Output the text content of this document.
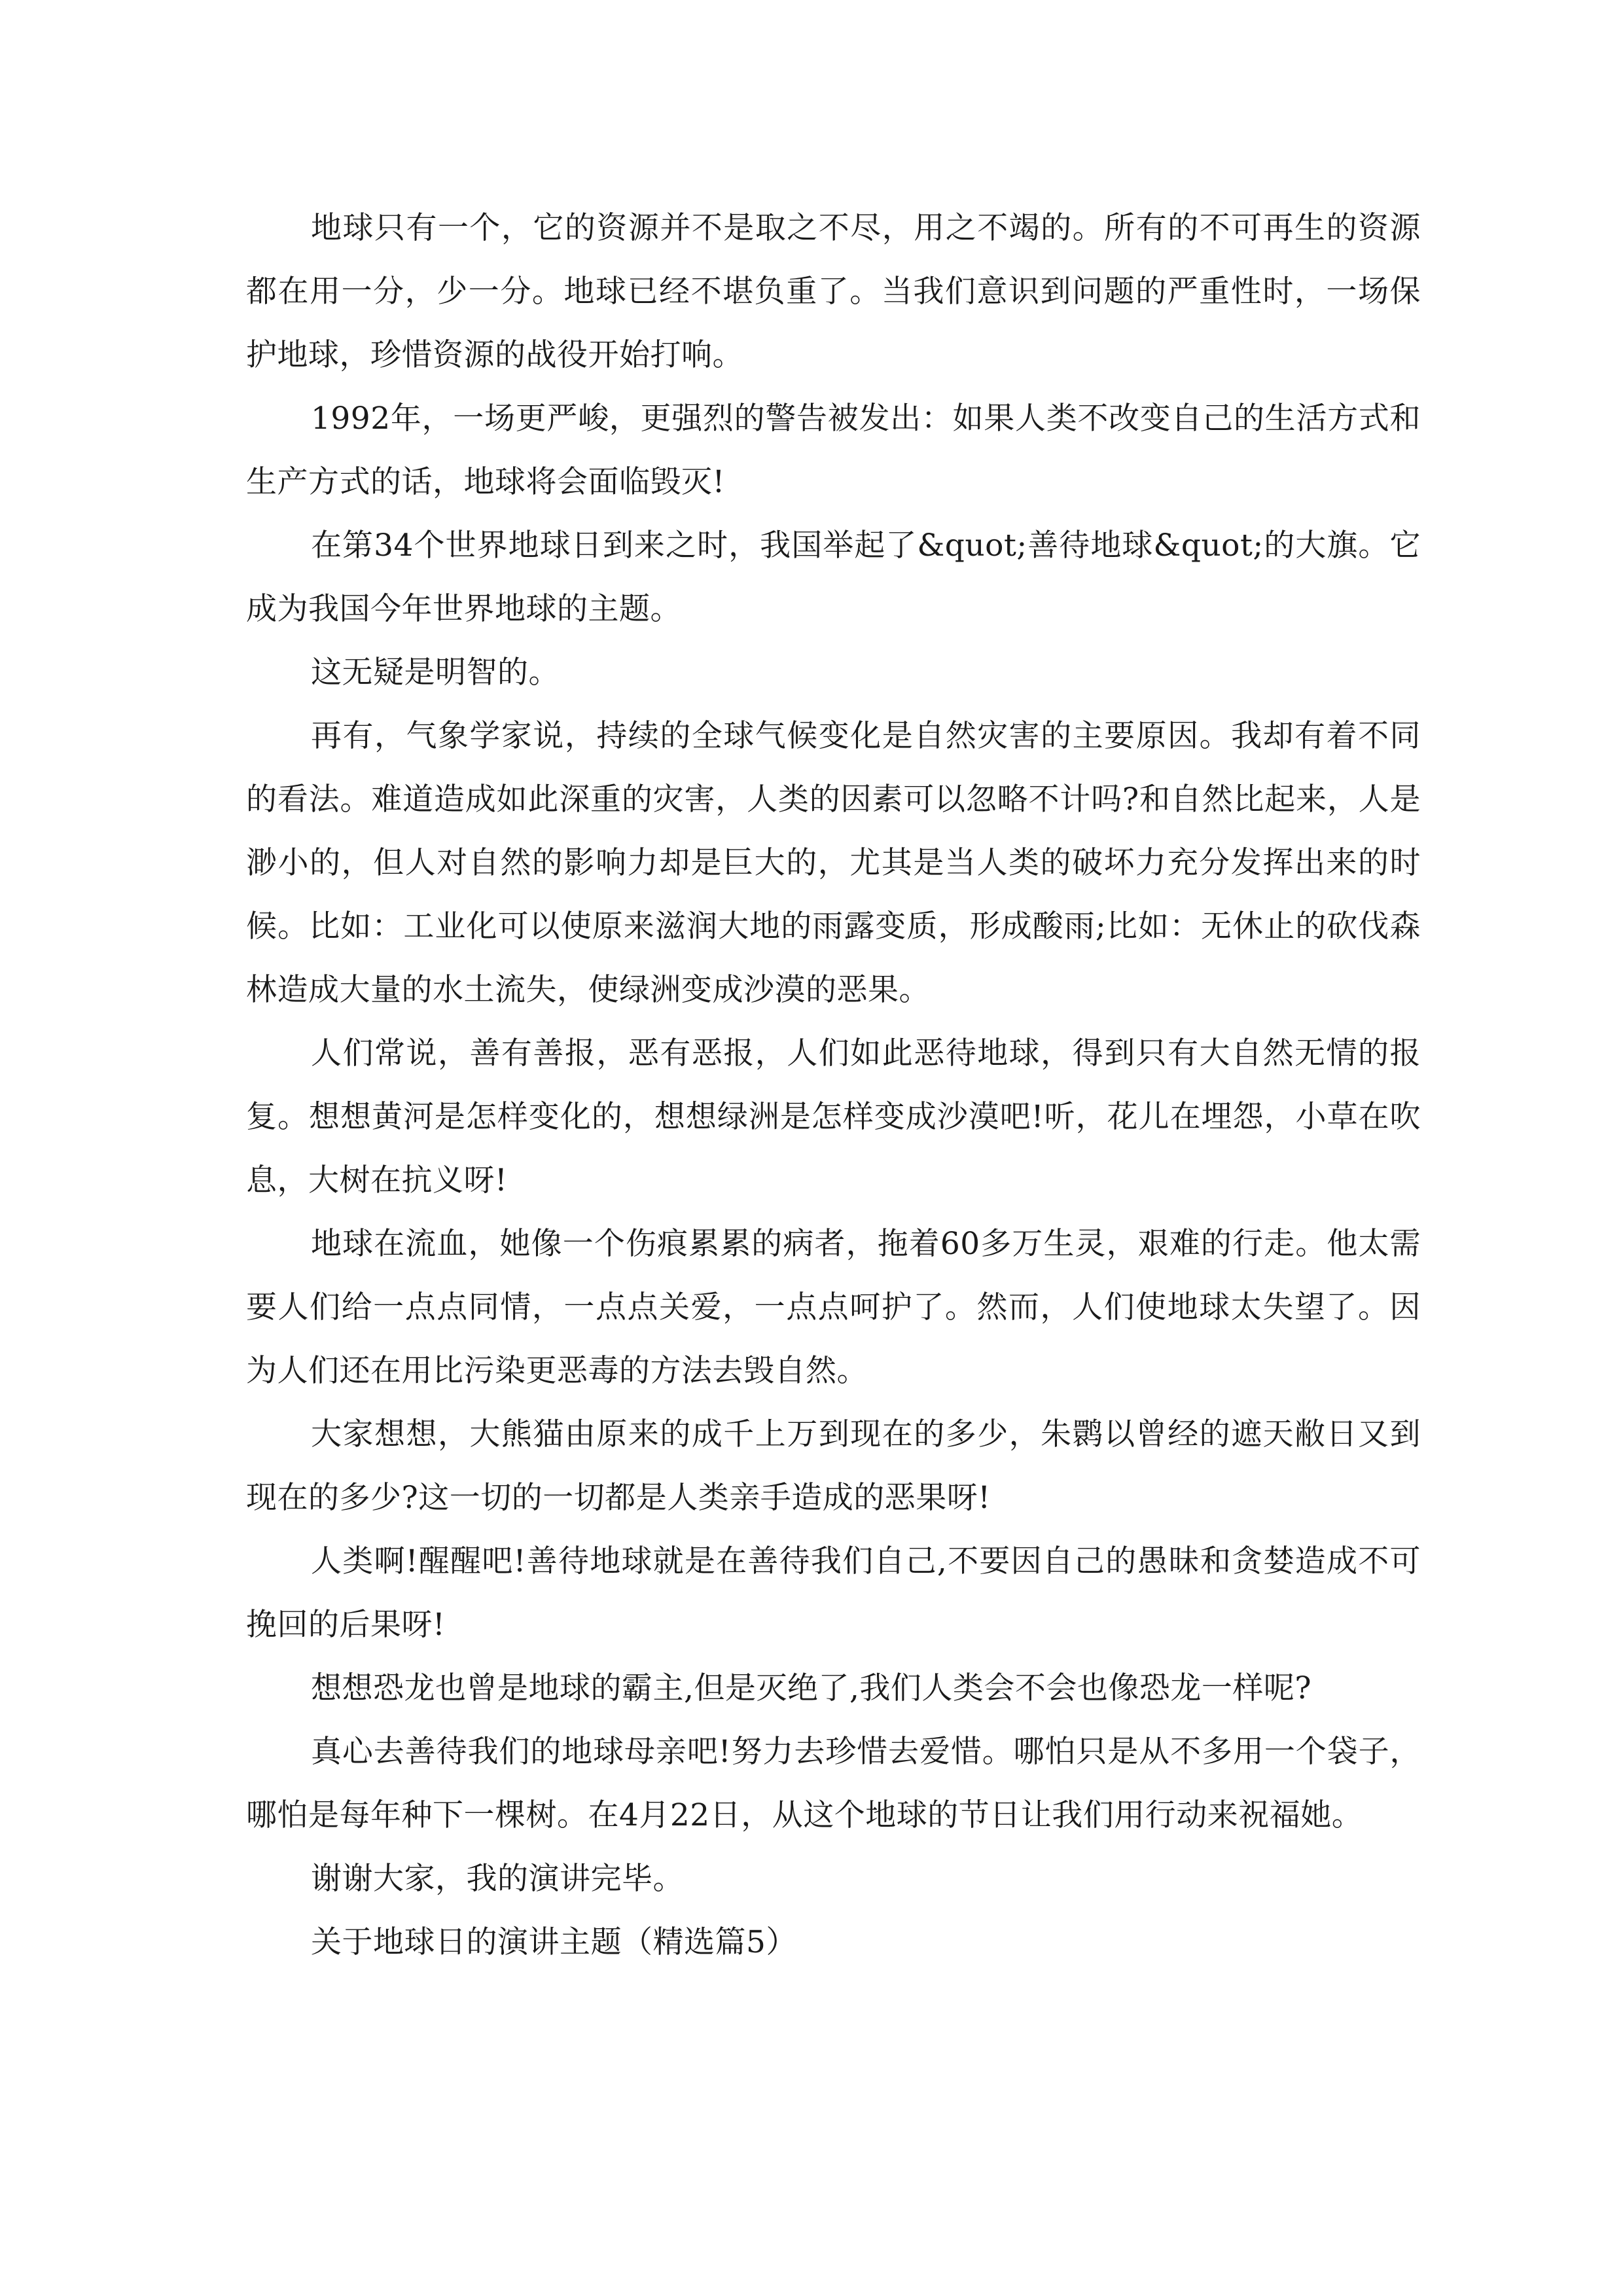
地球只有一个，它的资源并不是取之不尽，用之不竭的。所有的不可再生的资源都在用一分，少一分。地球已经不堪负重了。当我们意识到问题的严重性时，一场保护地球，珍惜资源的战役开始打响。

1992年，一场更严峻，更强烈的警告被发出：如果人类不改变自己的生活方式和生产方式的话，地球将会面临毁灭!

在第34个世界地球日到来之时，我国举起了&quot;善待地球&quot;的大旗。它成为我国今年世界地球的主题。

这无疑是明智的。

再有，气象学家说，持续的全球气候变化是自然灾害的主要原因。我却有着不同的看法。难道造成如此深重的灾害，人类的因素可以忽略不计吗?和自然比起来，人是渺小的，但人对自然的影响力却是巨大的，尤其是当人类的破坏力充分发挥出来的时候。比如：工业化可以使原来滋润大地的雨露变质，形成酸雨;比如：无休止的砍伐森林造成大量的水土流失，使绿洲变成沙漠的恶果。

人们常说，善有善报，恶有恶报，人们如此恶待地球，得到只有大自然无情的报复。想想黄河是怎样变化的，想想绿洲是怎样变成沙漠吧!听，花儿在埋怨，小草在吹息，大树在抗义呀!

地球在流血，她像一个伤痕累累的病者，拖着60多万生灵，艰难的行走。他太需要人们给一点点同情，一点点关爱，一点点呵护了。然而，人们使地球太失望了。因为人们还在用比污染更恶毒的方法去毁自然。

大家想想，大熊猫由原来的成千上万到现在的多少，朱鹮以曾经的遮天敝日又到现在的多少?这一切的一切都是人类亲手造成的恶果呀!

人类啊!醒醒吧!善待地球就是在善待我们自己,不要因自己的愚昧和贪婪造成不可挽回的后果呀!

想想恐龙也曾是地球的霸主,但是灭绝了,我们人类会不会也像恐龙一样呢?

真心去善待我们的地球母亲吧!努力去珍惜去爱惜。哪怕只是从不多用一个袋子，哪怕是每年种下一棵树。在4月22日，从这个地球的节日让我们用行动来祝福她。

谢谢大家，我的演讲完毕。

关于地球日的演讲主题（精选篇5）
